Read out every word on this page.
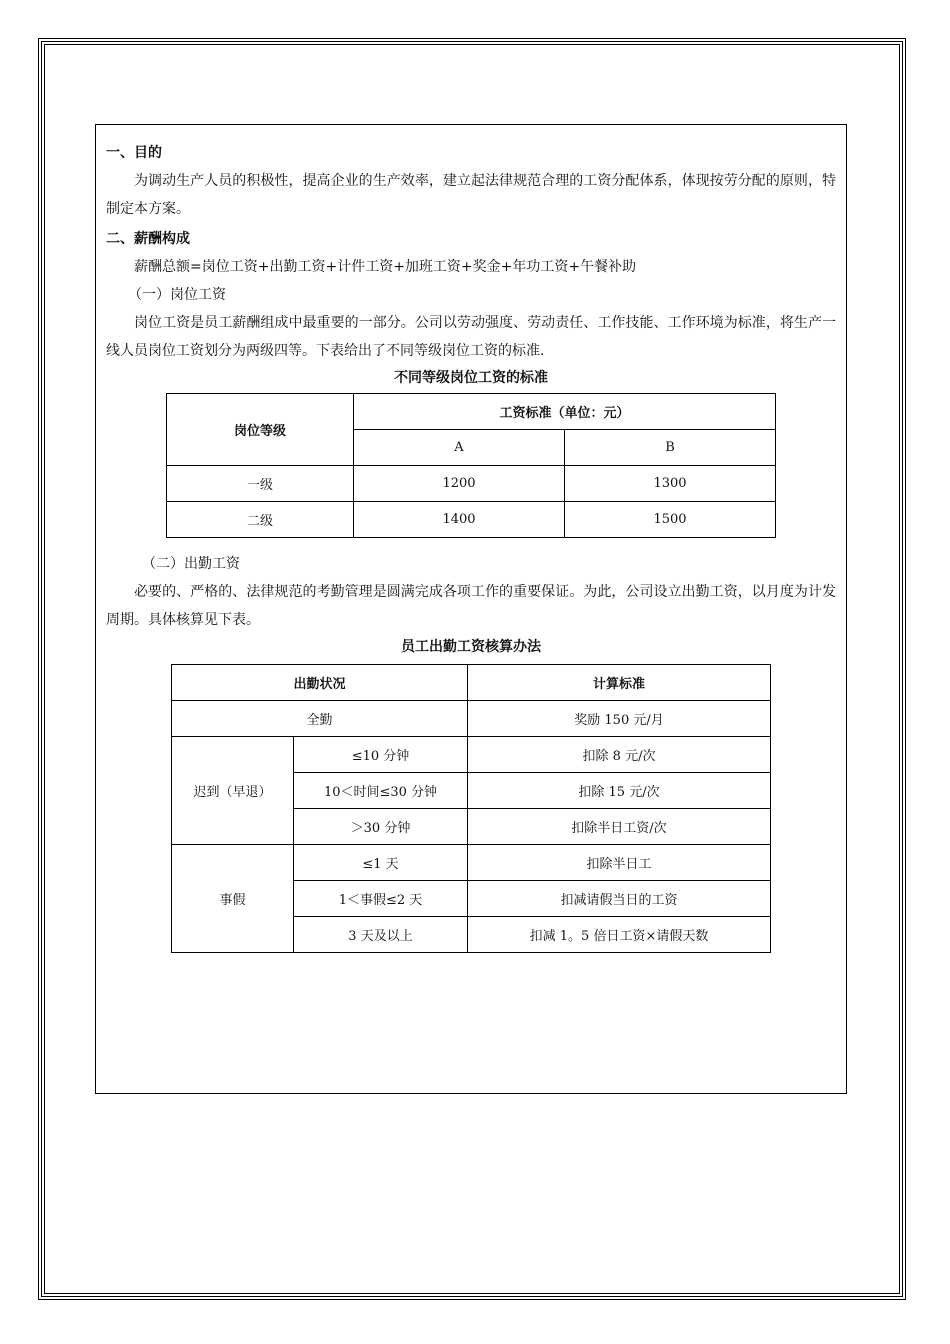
一、目的

为调动生产人员的积极性，提高企业的生产效率，建立起法律规范合理的工资分配体系，体现按劳分配的原则，特制定本方案。

二、薪酬构成

薪酬总额=岗位工资+出勤工资+计件工资+加班工资+奖金+年功工资+午餐补助

（一）岗位工资

岗位工资是员工薪酬组成中最重要的一部分。公司以劳动强度、劳动责任、工作技能、工作环境为标准，将生产一线人员岗位工资划分为两级四等。下表给出了不同等级岗位工资的标准.

不同等级岗位工资的标准
岗位等级	工资标准（单位：元）	
	A	B
一级	1200	1300
二级	1400	1500

（二）出勤工资

必要的、严格的、法律规范的考勤管理是圆满完成各项工作的重要保证。为此，公司设立出勤工资，以月度为计发周期。具体核算见下表。

员工出勤工资核算办法
出勤状况		计算标准
全勤		奖励 150 元/月
迟到（早退）	≤10 分钟	扣除 8 元/次
	10＜时间≤30 分钟	扣除 15 元/次
	＞30 分钟	扣除半日工资/次
事假	≤1 天	扣除半日工
	1＜事假≤2 天	扣减请假当日的工资
	3 天及以上	扣减 1。5 倍日工资×请假天数
